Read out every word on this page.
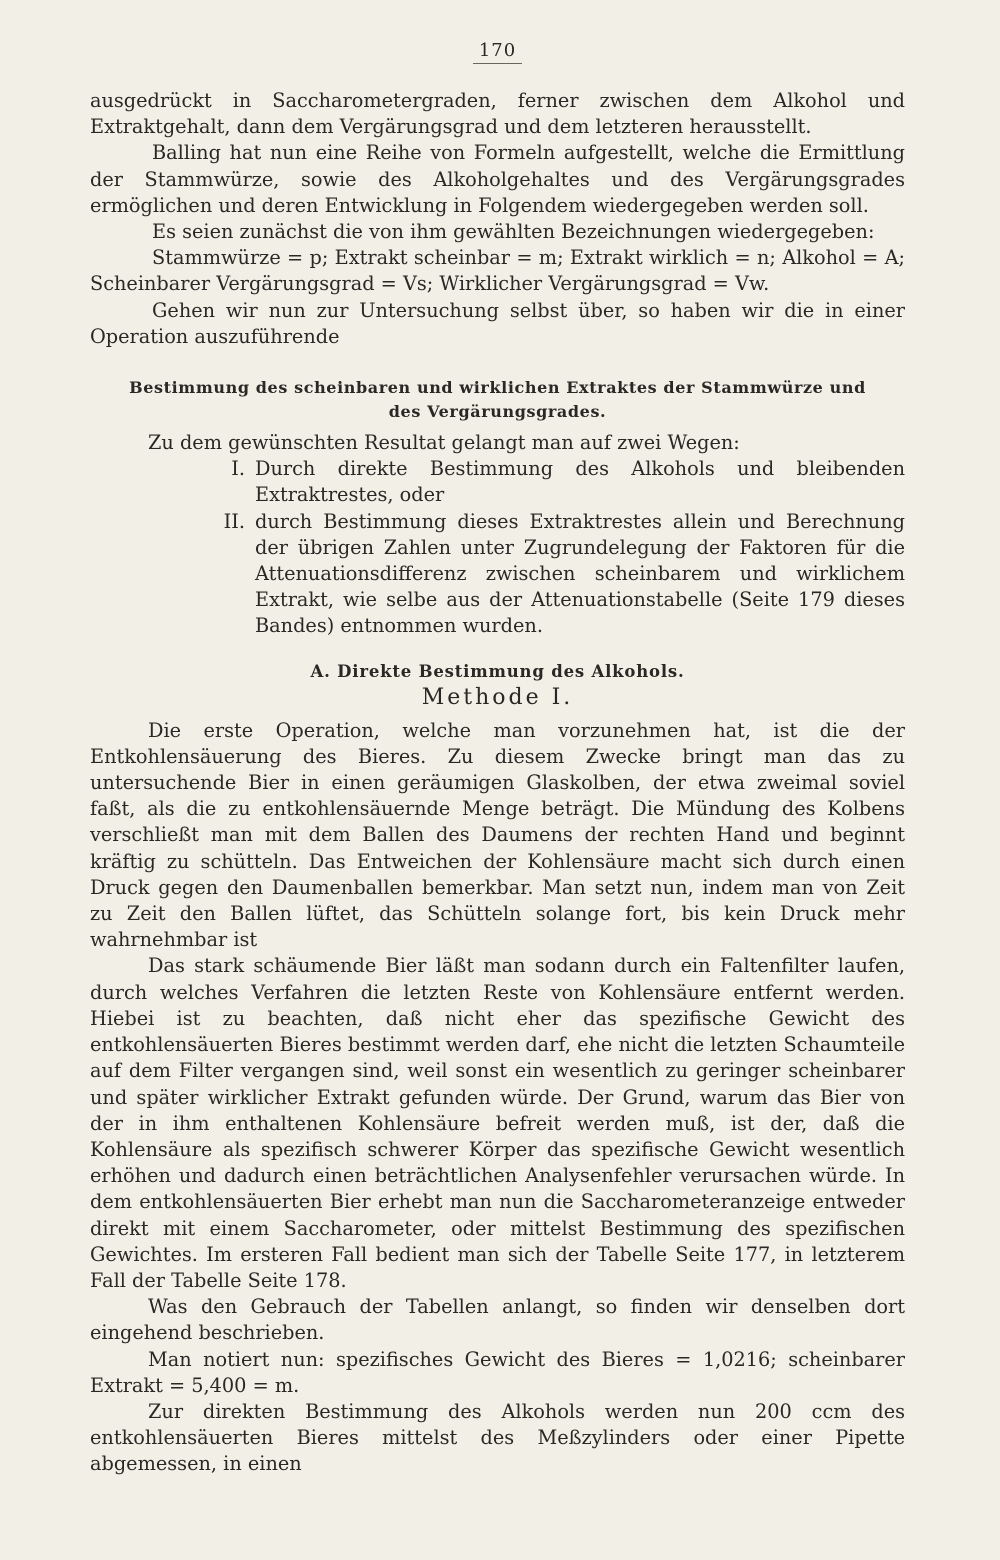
170

ausgedrückt in Saccharometergraden, ferner zwischen dem Alkohol und Extraktgehalt, dann dem Vergärungsgrad und dem letzteren herausstellt.

Balling hat nun eine Reihe von Formeln aufgestellt, welche die Ermittlung der Stammwürze, sowie des Alkoholgehaltes und des Vergärungsgrades ermöglichen und deren Entwicklung in Folgendem wiedergegeben werden soll.

Es seien zunächst die von ihm gewählten Bezeichnungen wiedergegeben:

Stammwürze = p; Extrakt scheinbar = m; Extrakt wirklich = n; Alkohol = A; Scheinbarer Vergärungsgrad = Vs; Wirklicher Vergärungsgrad = Vw.

Gehen wir nun zur Untersuchung selbst über, so haben wir die in einer Operation auszuführende

Bestimmung des scheinbaren und wirklichen Extraktes der Stammwürze und des Vergärungsgrades.

Zu dem gewünschten Resultat gelangt man auf zwei Wegen:

I. Durch direkte Bestimmung des Alkohols und bleibenden Extraktrestes, oder
II. durch Bestimmung dieses Extraktrestes allein und Berechnung der übrigen Zahlen unter Zugrundelegung der Faktoren für die Attenuationsdifferenz zwischen scheinbarem und wirklichem Extrakt, wie selbe aus der Attenuationstabelle (Seite 179 dieses Bandes) entnommen wurden.
A. Direkte Bestimmung des Alkohols.
Methode I.

Die erste Operation, welche man vorzunehmen hat, ist die der Entkohlensäuerung des Bieres. Zu diesem Zwecke bringt man das zu untersuchende Bier in einen geräumigen Glaskolben, der etwa zweimal soviel faßt, als die zu entkohlensäuernde Menge beträgt. Die Mündung des Kolbens verschließt man mit dem Ballen des Daumens der rechten Hand und beginnt kräftig zu schütteln. Das Entweichen der Kohlensäure macht sich durch einen Druck gegen den Daumenballen bemerkbar. Man setzt nun, indem man von Zeit zu Zeit den Ballen lüftet, das Schütteln solange fort, bis kein Druck mehr wahrnehmbar ist

Das stark schäumende Bier läßt man sodann durch ein Faltenfilter laufen, durch welches Verfahren die letzten Reste von Kohlensäure entfernt werden. Hiebei ist zu beachten, daß nicht eher das spezifische Gewicht des entkohlensäuerten Bieres bestimmt werden darf, ehe nicht die letzten Schaumteile auf dem Filter vergangen sind, weil sonst ein wesentlich zu geringer scheinbarer und später wirklicher Extrakt gefunden würde. Der Grund, warum das Bier von der in ihm enthaltenen Kohlensäure befreit werden muß, ist der, daß die Kohlensäure als spezifisch schwerer Körper das spezifische Gewicht wesentlich erhöhen und dadurch einen beträchtlichen Analysenfehler verursachen würde. In dem entkohlensäuerten Bier erhebt man nun die Saccharometeranzeige entweder direkt mit einem Saccharometer, oder mittelst Bestimmung des spezifischen Gewichtes. Im ersteren Fall bedient man sich der Tabelle Seite 177, in letzterem Fall der Tabelle Seite 178.

Was den Gebrauch der Tabellen anlangt, so finden wir denselben dort eingehend beschrieben.

Man notiert nun: spezifisches Gewicht des Bieres = 1,0216; scheinbarer Extrakt = 5,400 = m.

Zur direkten Bestimmung des Alkohols werden nun 200 ccm des entkohlensäuerten Bieres mittelst des Meßzylinders oder einer Pipette abgemessen, in einen
